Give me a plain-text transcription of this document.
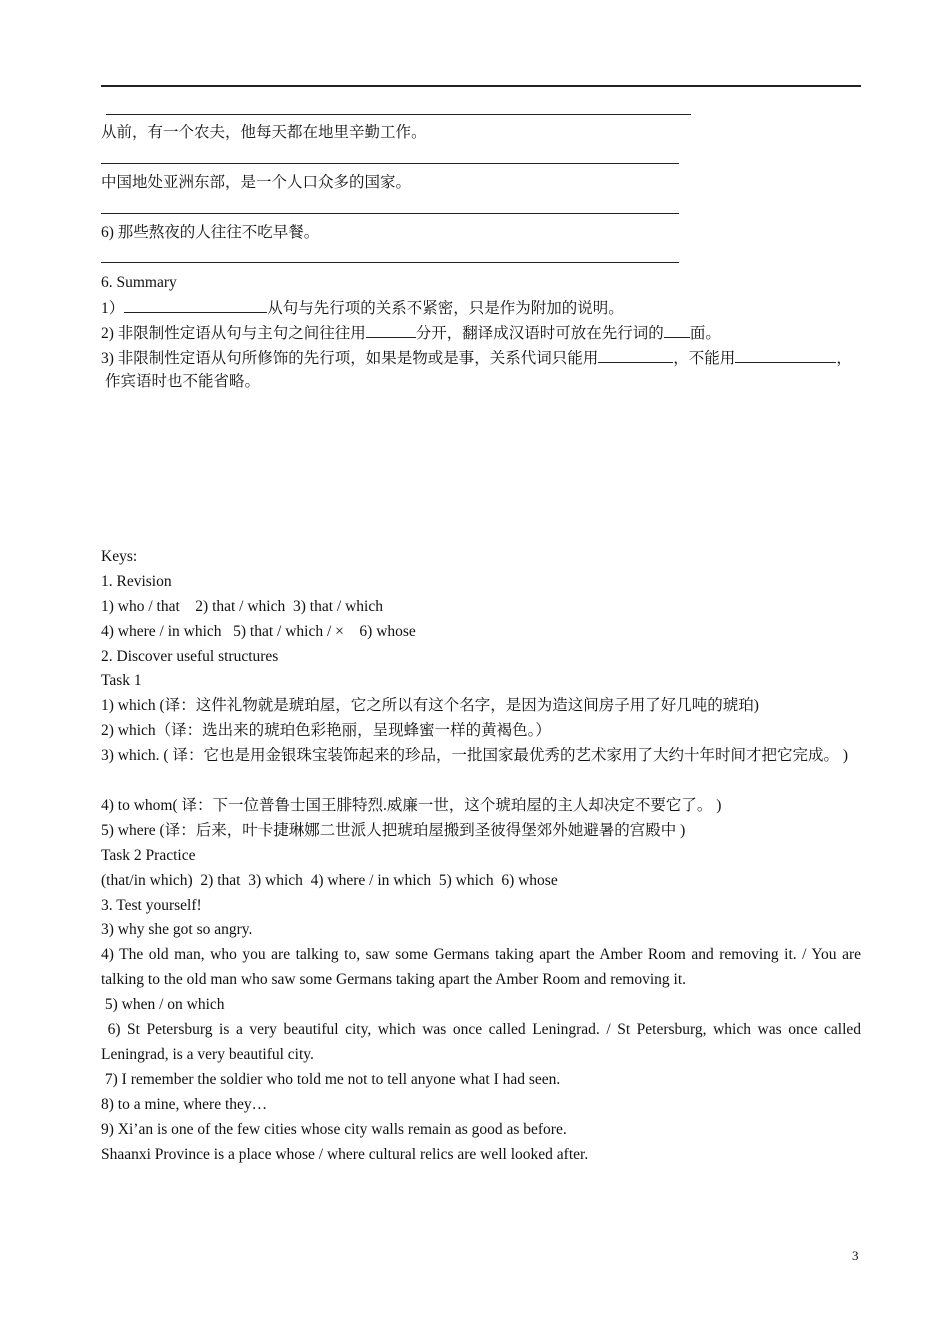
从前，有一个农夫，他每天都在地里辛勤工作。
中国地处亚洲东部，是一个人口众多的国家。
6) 那些熬夜的人往往不吃早餐。
6. Summary
1）	从句与先行项的关系不紧密，只是作为附加的说明。
2) 非限制性定语从句与主句之间往往用	分开，翻译成汉语时可放在先行词的 面。
3) 非限制性定语从句所修饰的先行项，如果是物或是事，关系代词只能用	，不能用	，
作宾语时也不能省略。
Keys:
1. Revision
1) who / that    2) that / which  3) that / which
4) where / in which   5) that / which / ×    6) whose
2. Discover useful structures
Task 1
1) which (译：这件礼物就是琥珀屋，它之所以有这个名字，是因为造这间房子用了好几吨的琥珀)
2) which（译：选出来的琥珀色彩艳丽，呈现蜂蜜一样的黄褐色。）
3) which. ( 译：它也是用金银珠宝装饰起来的珍品，一批国家最优秀的艺术家用了大约十年时间才把它完成。 )
4) to whom( 译：下一位普鲁士国王腓特烈.威廉一世，这个琥珀屋的主人却决定不要它了。 )
5) where (译：后来，叶卡捷琳娜二世派人把琥珀屋搬到圣彼得堡郊外她避暑的宫殿中 )
Task 2 Practice
(that/in which)  2) that  3) which  4) where / in which  5) which  6) whose
3. Test yourself!
3) why she got so angry.
4) The old man, who you are talking to, saw some Germans taking apart the Amber Room and removing it. / You are talking to the old man who saw some Germans taking apart the Amber Room and removing it.
5) when / on which
6) St Petersburg is a very beautiful city, which was once called Leningrad. / St Petersburg, which was once called Leningrad, is a very beautiful city.
7) I remember the soldier who told me not to tell anyone what I had seen.
8) to a mine, where they…
9) Xi’an is one of the few cities whose city walls remain as good as before.
Shaanxi Province is a place whose / where cultural relics are well looked after.
3
